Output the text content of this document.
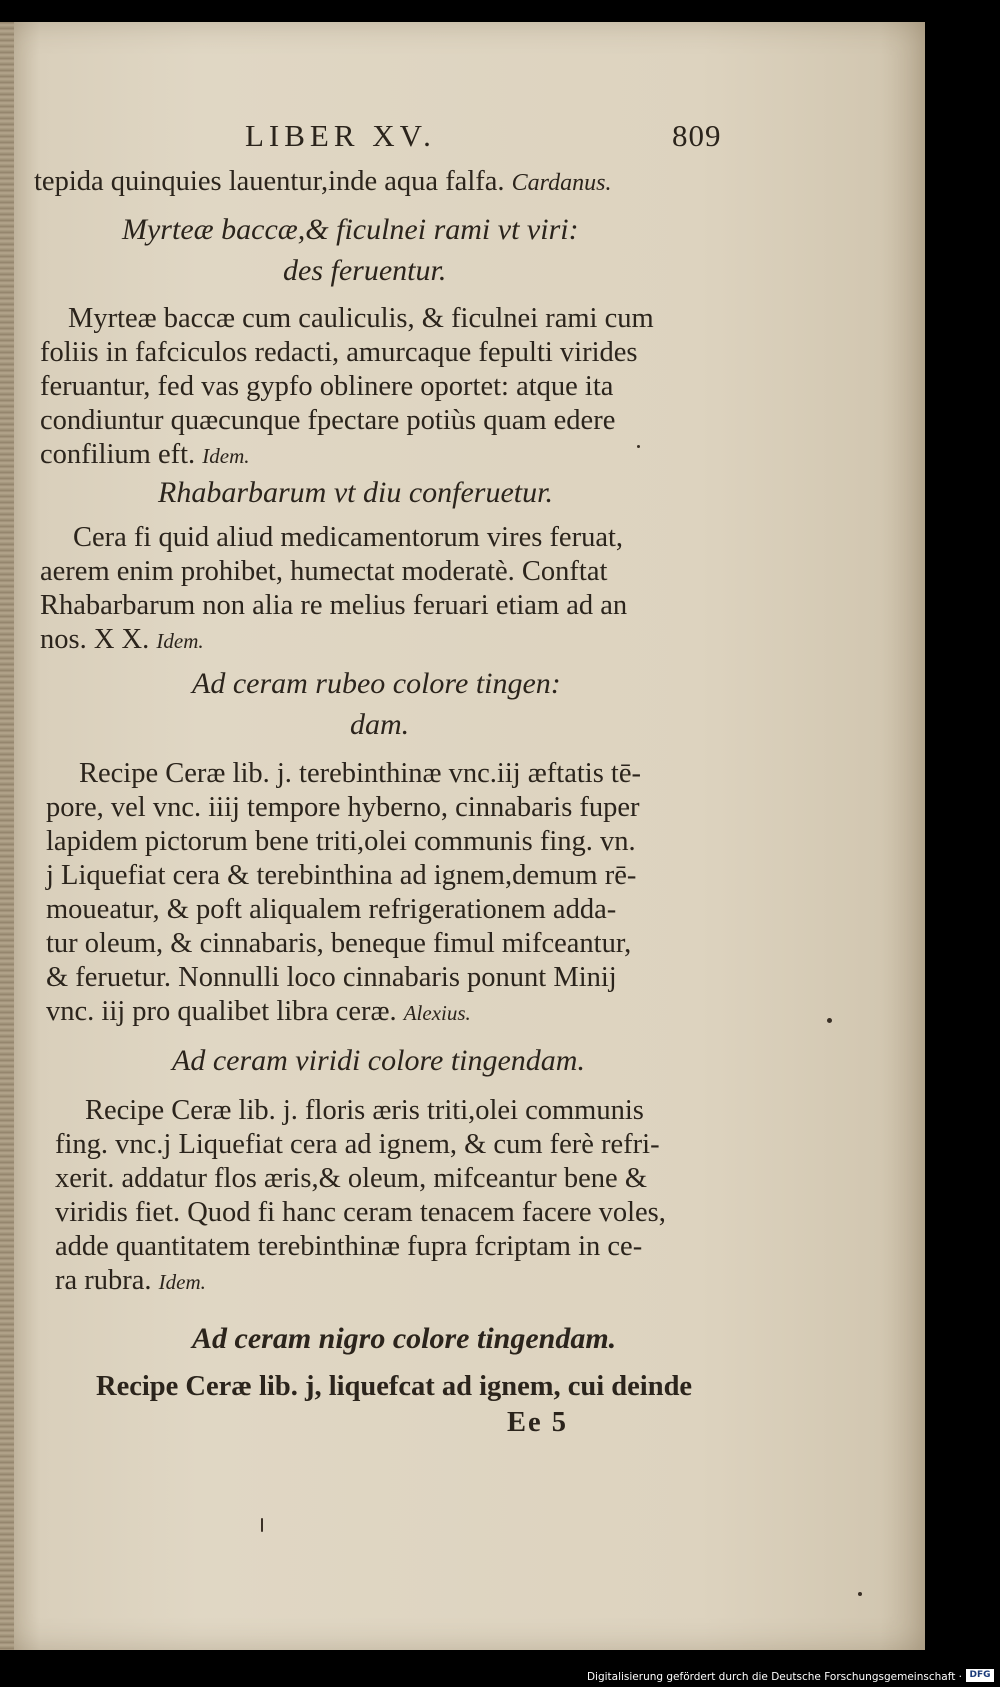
LIBER XV.	809
tepida quinquies lauentur,inde aqua falfa. Cardanus.
Myrteæ baccæ,& ficulnei rami vt viri:
des feruentur.
Myrteæ baccæ cum cauliculis, & ficulnei rami cum
foliis in fafciculos redacti, amurcaque fepulti virides
feruantur, fed vas gypfo oblinere oportet: atque ita
condiuntur quæcunque fpectare potiùs quam edere
confilium eft. Idem.
Rhabarbarum vt diu conferuetur.
Cera fi quid aliud medicamentorum vires feruat,
aerem enim prohibet, humectat moderatè. Conftat
Rhabarbarum non alia re melius feruari etiam ad an
nos. X X. Idem.
Ad ceram rubeo colore tingen:
dam.
Recipe Ceræ lib. j. terebinthinæ vnc.iij æftatis tē-
pore, vel vnc. iiij tempore hyberno, cinnabaris fuper
lapidem pictorum bene triti,olei communis fing. vn.
j Liquefiat cera & terebinthina ad ignem,demum rē-
moueatur, & poft aliqualem refrigerationem adda-
tur oleum, & cinnabaris, beneque fimul mifceantur,
& feruetur. Nonnulli loco cinnabaris ponunt Minij
vnc. iij pro qualibet libra ceræ. Alexius.
Ad ceram viridi colore tingendam.
Recipe Ceræ lib. j. floris æris triti,olei communis
fing. vnc.j Liquefiat cera ad ignem, & cum ferè refri-
xerit. addatur flos æris,& oleum, mifceantur bene &
viridis fiet. Quod fi hanc ceram tenacem facere voles,
adde quantitatem terebinthinæ fupra fcriptam in ce-
ra rubra. Idem.
Ad ceram nigro colore tingendam.
Recipe Ceræ lib. j, liquefcat ad ignem, cui deinde
Ee 5
Digitalisierung gefördert durch die Deutsche Forschungsgemeinschaft · DFG
